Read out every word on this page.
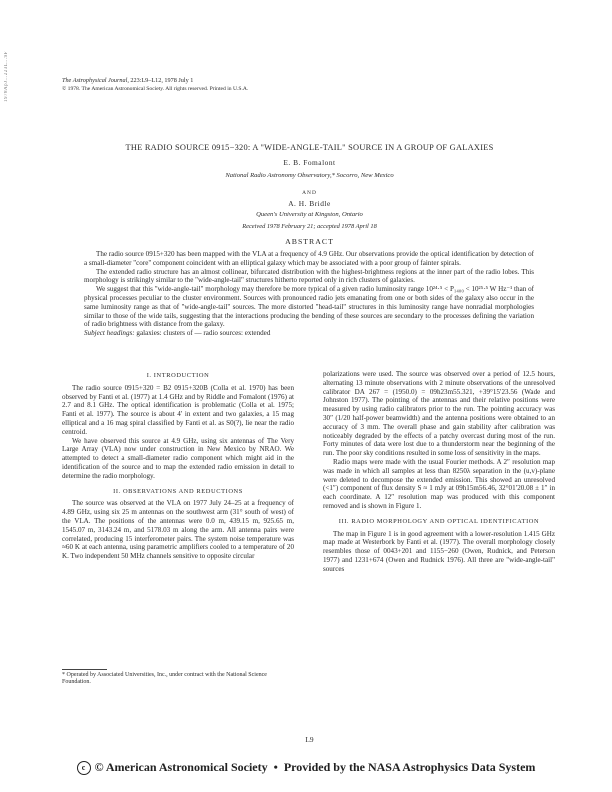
1978ApJ...223L...9F	The Astrophysical Journal, 223:L9–L12, 1978 July 1
© 1978. The American Astronomical Society. All rights reserved. Printed in U.S.A.
THE RADIO SOURCE 0915−320: A "WIDE-ANGLE-TAIL" SOURCE IN A GROUP OF GALAXIES
E. B. Fomalont
National Radio Astronomy Observatory,* Socorro, New Mexico
AND
A. H. Bridle
Queen's University at Kingston, Ontario
Received 1978 February 21; accepted 1978 April 18
ABSTRACT

The radio source 0915+320 has been mapped with the VLA at a frequency of 4.9 GHz. Our observations provide the optical identification by detection of a small-diameter "core" component coincident with an elliptical galaxy which may be associated with a poor group of fainter spirals.

The extended radio structure has an almost collinear, bifurcated distribution with the highest-brightness regions at the inner part of the radio lobes. This morphology is strikingly similar to the "wide-angle-tail" structures hitherto reported only in rich clusters of galaxies.

We suggest that this "wide-angle-tail" morphology may therefore be more typical of a given radio luminosity range 10²⁴·⁵ < P₁₄₀₀ < 10²⁵·⁵ W Hz⁻¹ than of physical processes peculiar to the cluster environment. Sources with pronounced radio jets emanating from one or both sides of the galaxy also occur in the same luminosity range as that of "wide-angle-tail" sources. The more distorted "head-tail" structures in this luminosity range have nonradial morphologies similar to those of the wide tails, suggesting that the interactions producing the bending of these sources are secondary to the processes defining the variation of radio brightness with distance from the galaxy.

Subject headings: galaxies: clusters of — radio sources: extended

I. INTRODUCTION

The radio source 0915+320 = B2 0915+320B (Colla et al. 1970) has been observed by Fanti et al. (1977) at 1.4 GHz and by Riddle and Fomalont (1976) at 2.7 and 8.1 GHz. The optical identification is problematic (Colla et al. 1975; Fanti et al. 1977). The source is about 4′ in extent and two galaxies, a 15 mag elliptical and a 16 mag spiral classified by Fanti et al. as S0(?), lie near the radio centroid.

We have observed this source at 4.9 GHz, using six antennas of The Very Large Array (VLA) now under construction in New Mexico by NRAO. We attempted to detect a small-diameter radio component which might aid in the identification of the source and to map the extended radio emission in detail to determine the radio morphology.

II. OBSERVATIONS AND REDUCTIONS

The source was observed at the VLA on 1977 July 24–25 at a frequency of 4.89 GHz, using six 25 m antennas on the southwest arm (31° south of west) of the VLA. The positions of the antennas were 0.0 m, 439.15 m, 925.65 m, 1545.07 m, 3143.24 m, and 5178.03 m along the arm. All antenna pairs were correlated, producing 15 interferometer pairs. The system noise temperature was ≈60 K at each antenna, using parametric amplifiers cooled to a temperature of 20 K. Two independent 50 MHz channels sensitive to opposite circular

* Operated by Associated Universities, Inc., under contract with the National Science Foundation.

polarizations were used. The source was observed over a period of 12.5 hours, alternating 13 minute observations with 2 minute observations of the unresolved calibrator DA 267 = (1950.0) = 09h23m55.321, +39°15′23.56 (Wade and Johnston 1977). The pointing of the antennas and their relative positions were measured by using radio calibrators prior to the run. The pointing accuracy was 30″ (1/20 half-power beamwidth) and the antenna positions were obtained to an accuracy of 3 mm. The overall phase and gain stability after calibration was noticeably degraded by the effects of a patchy overcast during most of the run. Forty minutes of data were lost due to a thunderstorm near the beginning of the run. The poor sky conditions resulted in some loss of sensitivity in the maps.

Radio maps were made with the usual Fourier methods. A 2″ resolution map was made in which all samples at less than 8250λ separation in the (u,v)-plane were deleted to decompose the extended emission. This showed an unresolved (<1″) component of flux density S ≈ 1 mJy at 09h15m56.46, 32°01′20.08 ± 1″ in each coordinate. A 12″ resolution map was produced with this component removed and is shown in Figure 1.

III. RADIO MORPHOLOGY AND OPTICAL IDENTIFICATION

The map in Figure 1 is in good agreement with a lower-resolution 1.415 GHz map made at Westerbork by Fanti et al. (1977). The overall morphology closely resembles those of 0043+201 and 1155−260 (Owen, Rudnick, and Peterson 1977) and 1231+674 (Owen and Rudnick 1976). All three are "wide-angle-tail" sources

L9
c © American Astronomical Society • Provided by the NASA Astrophysics Data System
